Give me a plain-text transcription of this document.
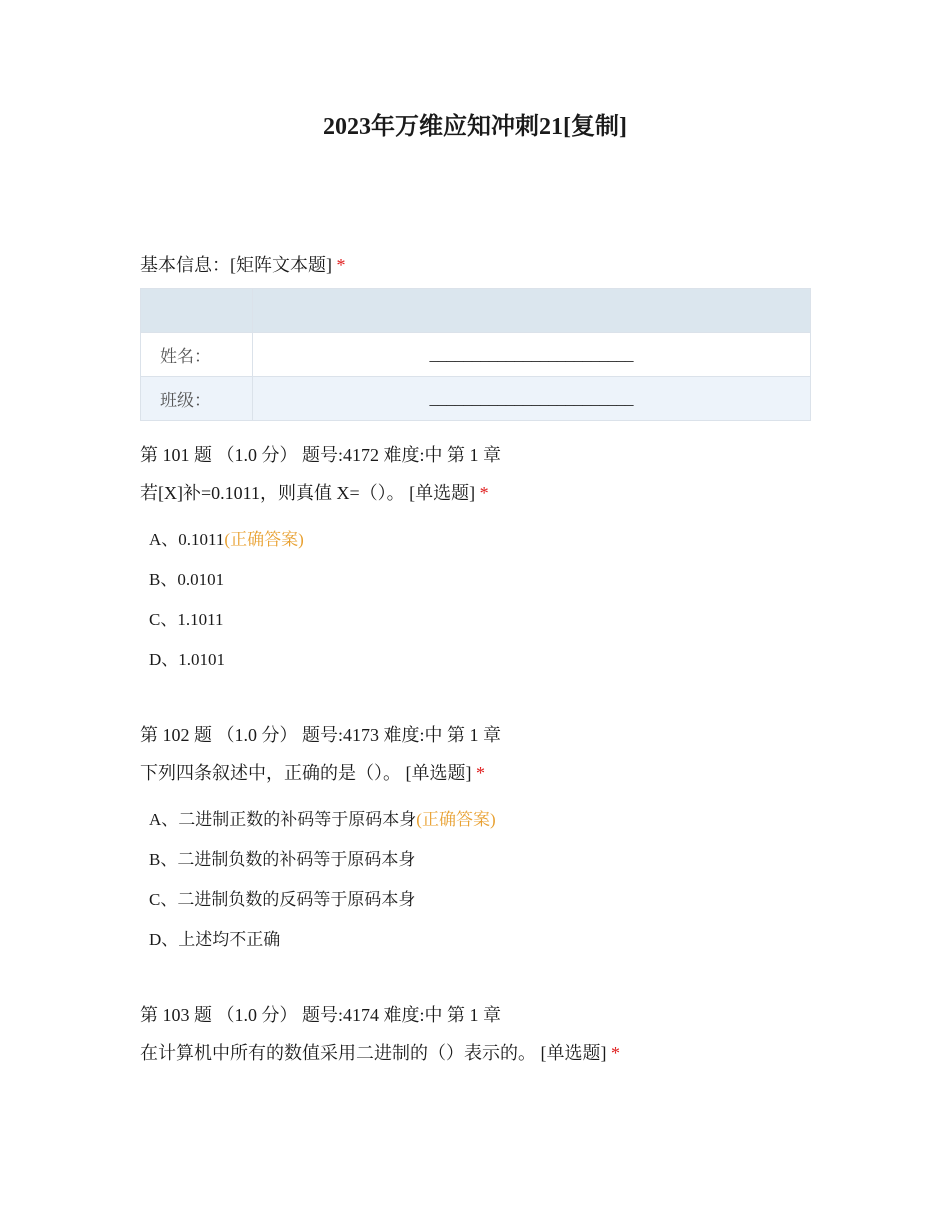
2023年万维应知冲刺21[复制]
基本信息：[矩阵文本题] *

姓名：	________________________
班级：	________________________
第 101 题 （1.0 分） 题号:4172 难度:中 第 1 章
若[X]补=0.1011，则真值 X=（）。 [单选题] *
A、0.1011(正确答案)
B、0.0101
C、1.1011
D、1.0101
第 102 题 （1.0 分） 题号:4173 难度:中 第 1 章
下列四条叙述中，正确的是（）。 [单选题] *
A、二进制正数的补码等于原码本身(正确答案)
B、二进制负数的补码等于原码本身
C、二进制负数的反码等于原码本身
D、上述均不正确
第 103 题 （1.0 分） 题号:4174 难度:中 第 1 章
在计算机中所有的数值采用二进制的（）表示的。 [单选题] *
